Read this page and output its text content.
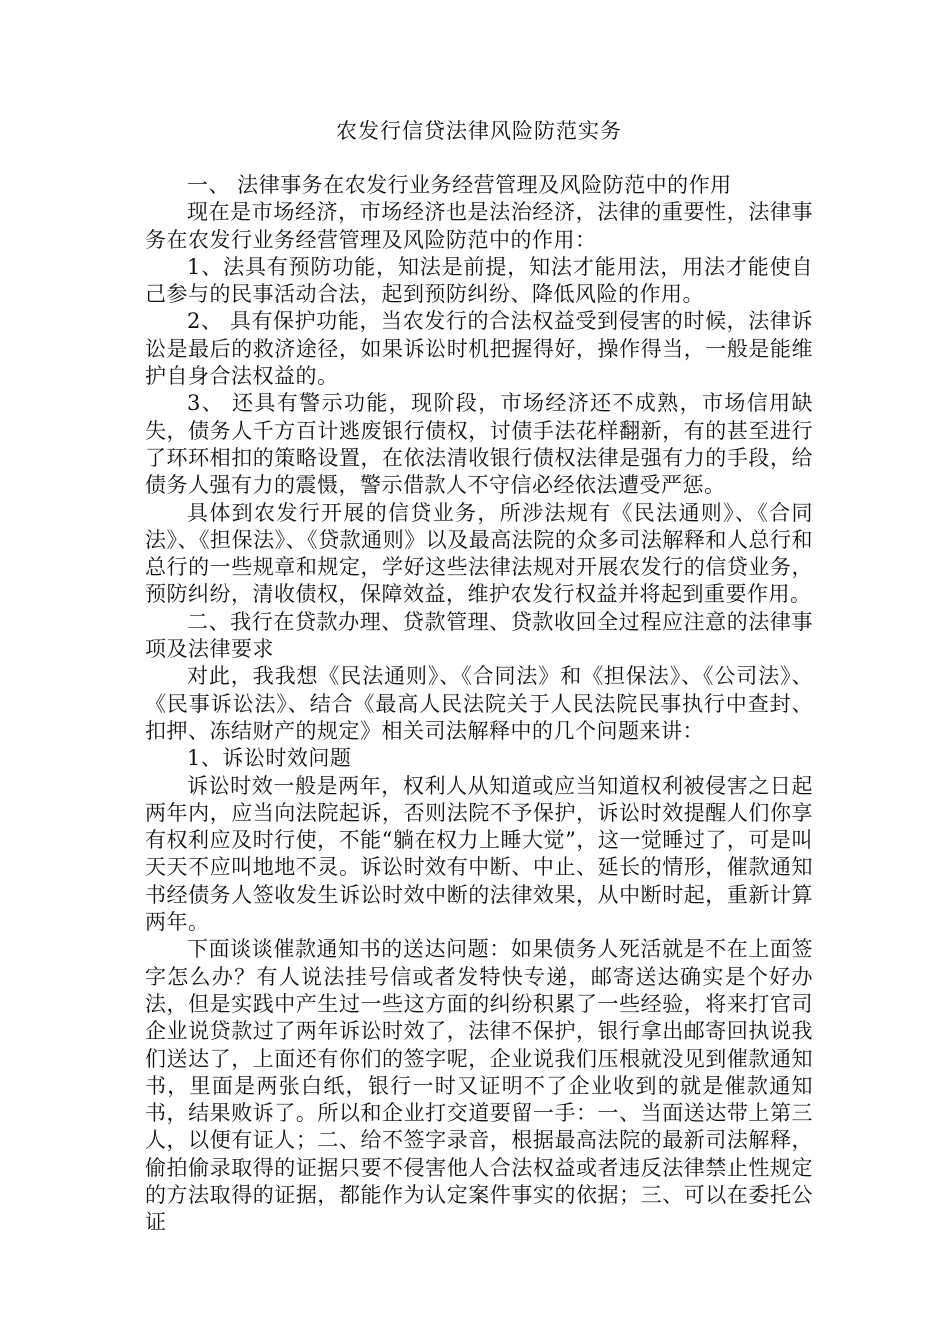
农发行信贷法律风险防范实务

一、 法律事务在农发行业务经营管理及风险防范中的作用

现在是市场经济，市场经济也是法治经济，法律的重要性，法律事务在农发行业务经营管理及风险防范中的作用：

1、法具有预防功能，知法是前提，知法才能用法，用法才能使自己参与的民事活动合法，起到预防纠纷、降低风险的作用。

2、 具有保护功能，当农发行的合法权益受到侵害的时候，法律诉讼是最后的救济途径，如果诉讼时机把握得好，操作得当，一般是能维护自身合法权益的。

3、 还具有警示功能，现阶段，市场经济还不成熟，市场信用缺失，债务人千方百计逃废银行债权，讨债手法花样翻新，有的甚至进行了环环相扣的策略设置，在依法清收银行债权法律是强有力的手段，给债务人强有力的震慑，警示借款人不守信必经依法遭受严惩。

具体到农发行开展的信贷业务，所涉法规有《民法通则》、《合同法》、《担保法》、《贷款通则》以及最高法院的众多司法解释和人总行和总行的一些规章和规定，学好这些法律法规对开展农发行的信贷业务，预防纠纷，清收债权，保障效益，维护农发行权益并将起到重要作用。

二、我行在贷款办理、贷款管理、贷款收回全过程应注意的法律事项及法律要求

对此，我我想《民法通则》、《合同法》和《担保法》、《公司法》、《民事诉讼法》、结合《最高人民法院关于人民法院民事执行中查封、扣押、冻结财产的规定》相关司法解释中的几个问题来讲：

1、诉讼时效问题

诉讼时效一般是两年，权利人从知道或应当知道权利被侵害之日起两年内，应当向法院起诉，否则法院不予保护，诉讼时效提醒人们你享有权利应及时行使，不能“躺在权力上睡大觉”，这一觉睡过了，可是叫天天不应叫地地不灵。诉讼时效有中断、中止、延长的情形，催款通知书经债务人签收发生诉讼时效中断的法律效果，从中断时起，重新计算两年。

下面谈谈催款通知书的送达问题：如果债务人死活就是不在上面签字怎么办？有人说法挂号信或者发特快专递，邮寄送达确实是个好办法，但是实践中产生过一些这方面的纠纷积累了一些经验，将来打官司企业说贷款过了两年诉讼时效了，法律不保护，银行拿出邮寄回执说我们送达了，上面还有你们的签字呢，企业说我们压根就没见到催款通知书，里面是两张白纸，银行一时又证明不了企业收到的就是催款通知书，结果败诉了。所以和企业打交道要留一手：一、当面送达带上第三人，以便有证人；二、给不签字录音，根据最高法院的最新司法解释，偷拍偷录取得的证据只要不侵害他人合法权益或者违反法律禁止性规定的方法取得的证据，都能作为认定案件事实的依据；三、可以在委托公证
